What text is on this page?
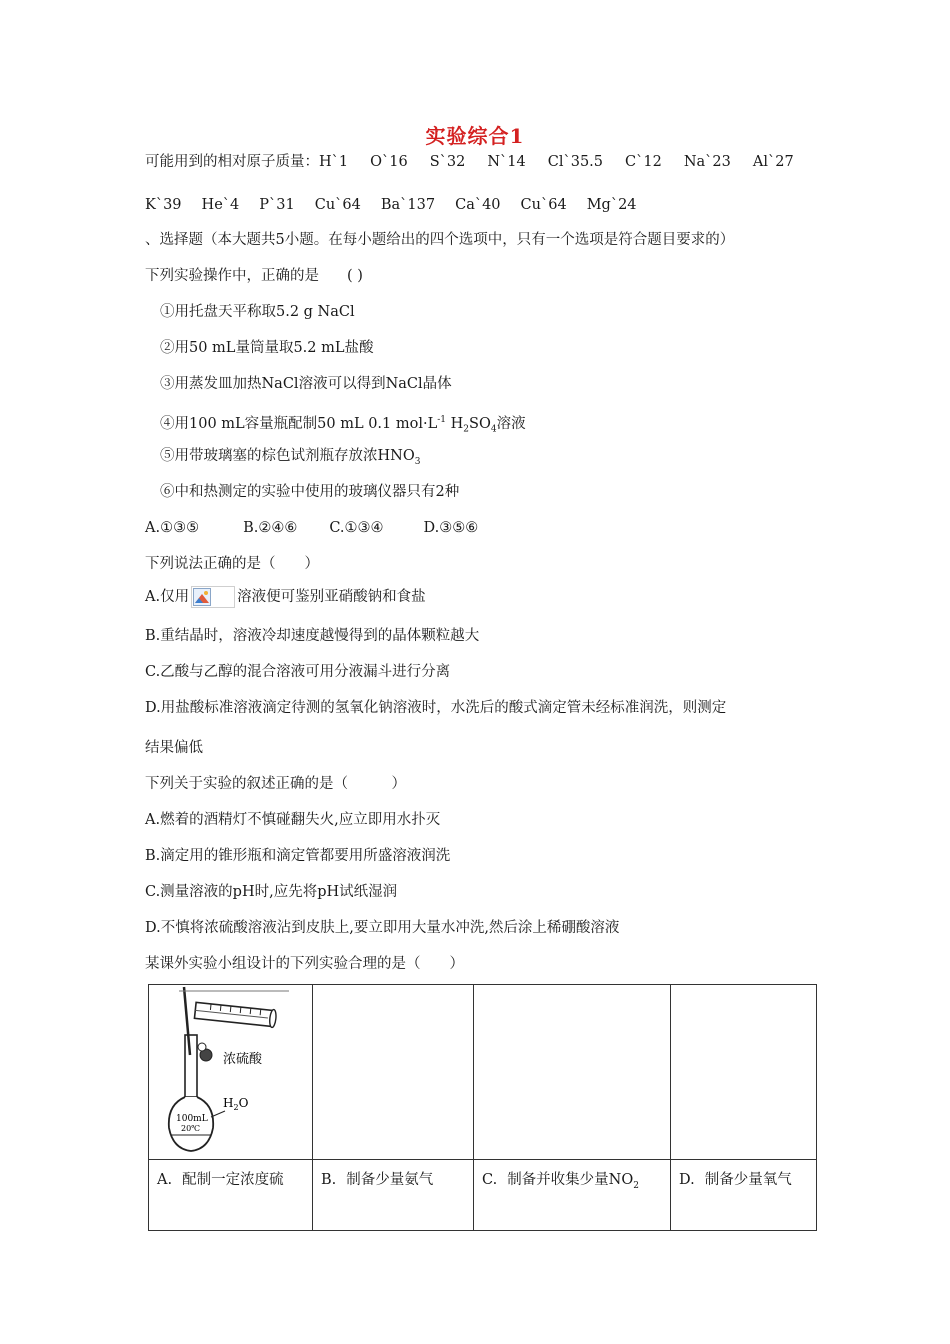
实验综合1
可能用到的相对原子质量：H`1 O`16 S`32 N`14 Cl`35.5 C`12 Na`23 Al`27
K`39 He`4 P`31 Cu`64 Ba`137 Ca`40 Cu`64 Mg`24
、选择题（本大题共5小题。在每小题给出的四个选项中，只有一个选项是符合题目要求的）
下列实验操作中，正确的是 ( )
①用托盘天平称取5.2 g NaCl
②用50 mL量筒量取5.2 mL盐酸
③用蒸发皿加热NaCl溶液可以得到NaCl晶体
④用100 mL容量瓶配制50 mL 0.1 $mol\cdot L^{-1}$ $H_2SO_4$溶液
⑤用带玻璃塞的棕色试剂瓶存放浓$HNO_3$
⑥中和热测定的实验中使用的玻璃仪器只有2种
A.①③⑤	B.②④⑥ C.①③④	D.③⑤⑥
下列说法正确的是（　　）
A.仅用	溶液便可鉴别亚硝酸钠和食盐
B.重结晶时，溶液冷却速度越慢得到的晶体颗粒越大
C.乙酸与乙醇的混合溶液可用分液漏斗进行分离
D.用盐酸标准溶液滴定待测的氢氧化钠溶液时，水洗后的酸式滴定管未经标准润洗，则测定
结果偏低
下列关于实验的叙述正确的是（　　　）
A.燃着的酒精灯不慎碰翻失火,应立即用水扑灭
B.滴定用的锥形瓶和滴定管都要用所盛溶液润洗
C.测量溶液的pH时,应先将pH试纸湿润
D.不慎将浓硫酸溶液沾到皮肤上,要立即用大量水冲洗,然后涂上稀硼酸溶液
某课外实验小组设计的下列实验合理的是（　　）
浓硫酸
$H_2O$
100mL
20℃			

A. 配制一定浓度硫	B. 制备少量氨气	C. 制备并收集少量$NO_2$	D. 制备少量氧气
